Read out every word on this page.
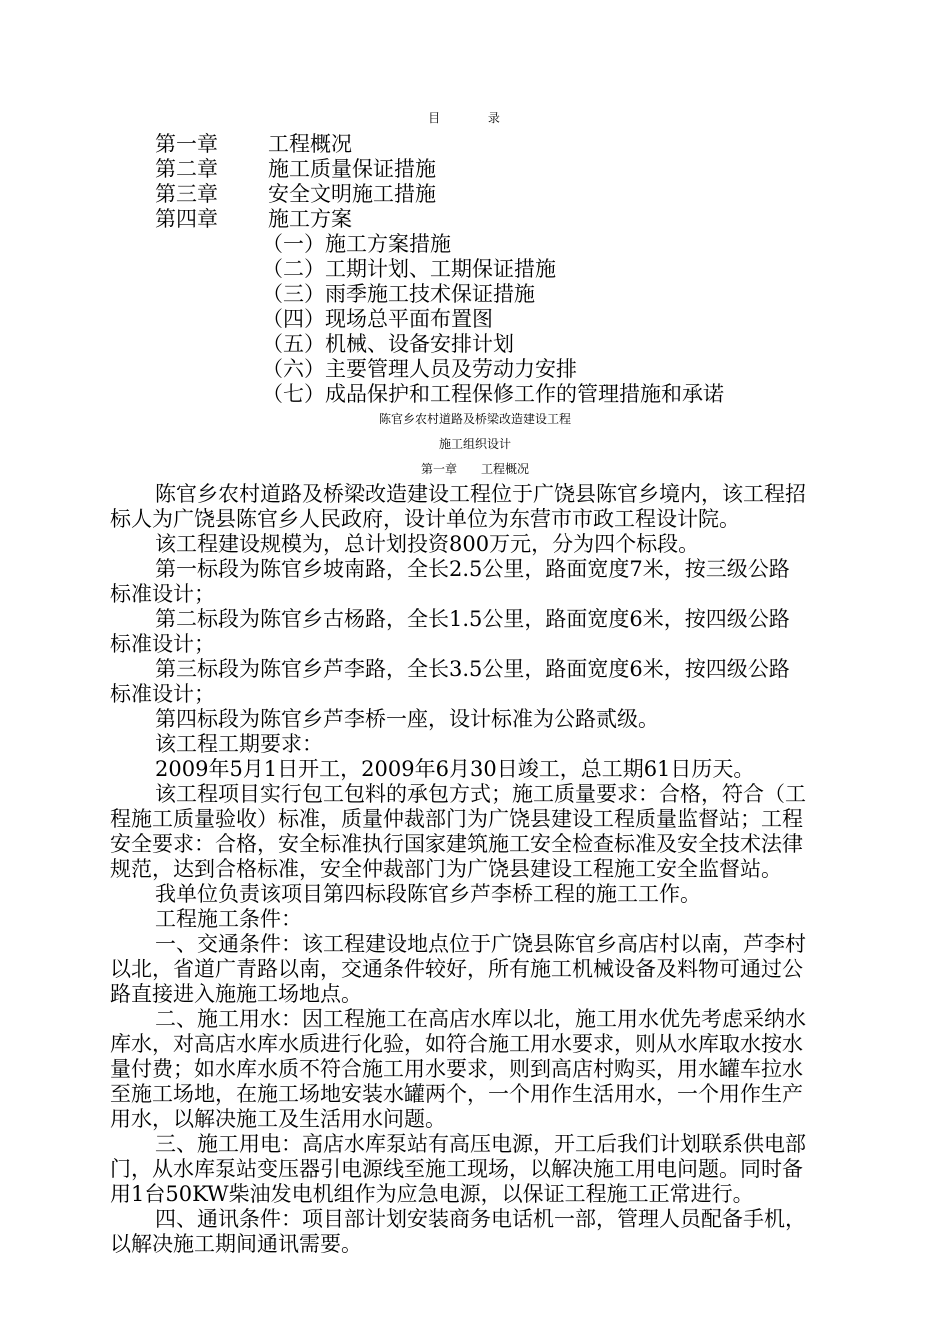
目 录
第一章 工程概况
第二章 施工质量保证措施
第三章 安全文明施工措施
第四章 施工方案
（一）施工方案措施
（二）工期计划、工期保证措施
（三）雨季施工技术保证措施
（四）现场总平面布置图
（五）机械、设备安排计划
（六）主要管理人员及劳动力安排
（七）成品保护和工程保修工作的管理措施和承诺
陈官乡农村道路及桥梁改造建设工程
施工组织设计
第一章　　工程概况
陈官乡农村道路及桥梁改造建设工程位于广饶县陈官乡境内，该工程招
标人为广饶县陈官乡人民政府，设计单位为东营市市政工程设计院。
该工程建设规模为，总计划投资800万元，分为四个标段。
第一标段为陈官乡坡南路，全长2.5公里，路面宽度7米，按三级公路
标准设计；
第二标段为陈官乡古杨路，全长1.5公里，路面宽度6米，按四级公路
标准设计；
第三标段为陈官乡芦李路，全长3.5公里，路面宽度6米，按四级公路
标准设计；
第四标段为陈官乡芦李桥一座，设计标准为公路贰级。
该工程工期要求：
2009年5月1日开工，2009年6月30日竣工，总工期61日历天。
该工程项目实行包工包料的承包方式；施工质量要求：合格，符合（工
程施工质量验收）标准，质量仲裁部门为广饶县建设工程质量监督站；工程
安全要求：合格，安全标准执行国家建筑施工安全检查标准及安全技术法律
规范，达到合格标准，安全仲裁部门为广饶县建设工程施工安全监督站。
我单位负责该项目第四标段陈官乡芦李桥工程的施工工作。
工程施工条件：
一、交通条件：该工程建设地点位于广饶县陈官乡高店村以南，芦李村
以北，省道广青路以南，交通条件较好，所有施工机械设备及料物可通过公
路直接进入施施工场地点。
二、施工用水：因工程施工在高店水库以北，施工用水优先考虑采纳水
库水，对高店水库水质进行化验，如符合施工用水要求，则从水库取水按水
量付费；如水库水质不符合施工用水要求，则到高店村购买，用水罐车拉水
至施工场地，在施工场地安装水罐两个，一个用作生活用水，一个用作生产
用水，以解决施工及生活用水问题。
三、施工用电：高店水库泵站有高压电源，开工后我们计划联系供电部
门，从水库泵站变压器引电源线至施工现场，以解决施工用电问题。同时备
用1台50KW柴油发电机组作为应急电源，以保证工程施工正常进行。
四、通讯条件：项目部计划安装商务电话机一部，管理人员配备手机，
以解决施工期间通讯需要。
